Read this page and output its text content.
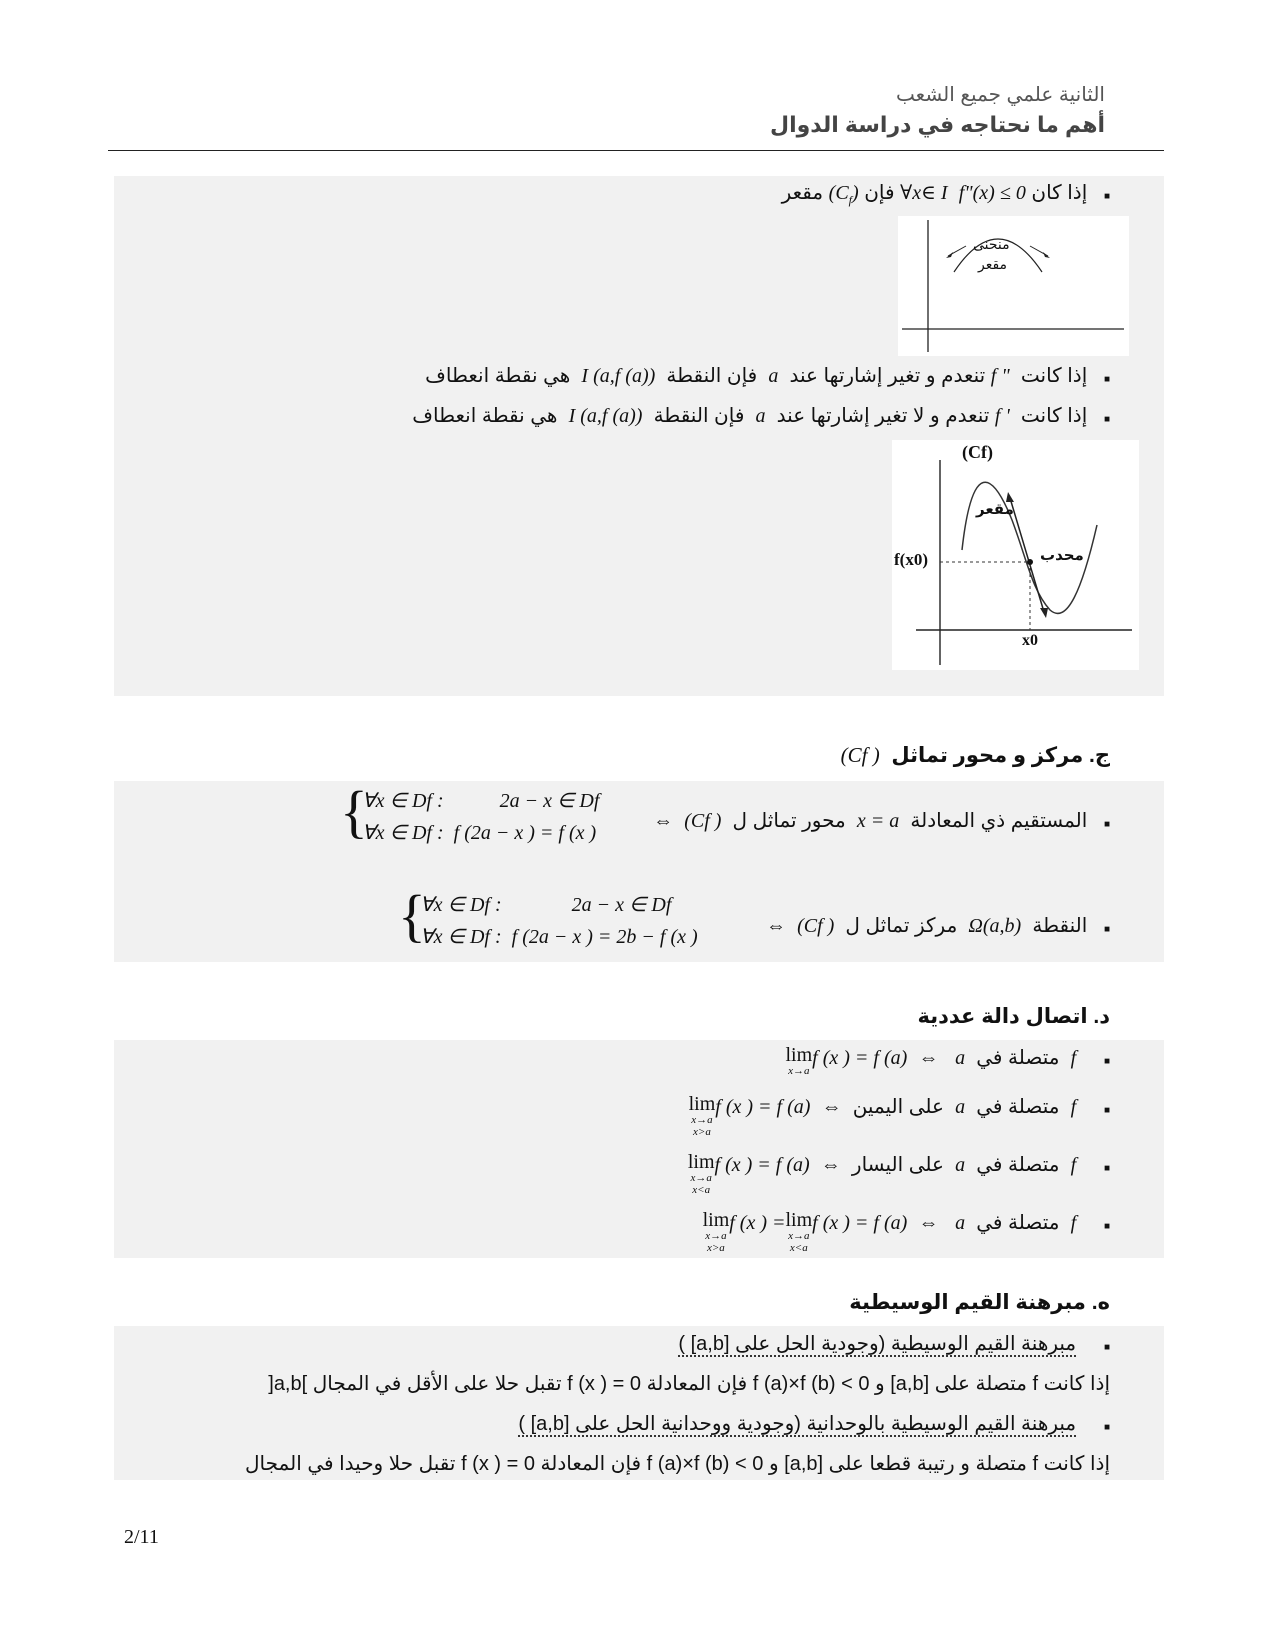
الثانية علمي جميع الشعب
أهم ما نحتاجه في دراسة الدوال
■   إذا كان f"(x) ≤ 0  ∀x∈ I فإن $(C_f)$ مقعر
منحنى
مقعر
■   إذا كانت  f " تنعدم و تغير إشارتها عند  a  فإن النقطة  I (a,f (a))  هي نقطة انعطاف
■   إذا كانت  f ' تنعدم و لا تغير إشارتها عند  a  فإن النقطة  I (a,f (a))  هي نقطة انعطاف
(Cf)
مقعر
محدب
f(x0)
x0
ج. مركز و محور تماثل  (Cf )
■   المستقيم ذي المعادلة  x = a  محور تماثل ل  (Cf )  ⇔
{
∀x ∈ Df :	2a − x ∈ Df
∀x ∈ Df : f (2a − x ) = f (x )
■   النقطة  Ω(a,b)  مركز تماثل ل  (Cf )  ⇔
{
∀x ∈ Df :	2a − x ∈ Df
∀x ∈ Df : f (2a − x ) = 2b − f (x )
د. اتصال دالة عددية
■     f  متصلة في  a   ⇔  lim
x→a
f (x ) = f (a)
■     f  متصلة في  a  على اليمين  ⇔  lim
x→a
x>a
f (x ) = f (a)
■     f  متصلة في  a  على اليسار  ⇔  lim
x→a
x<a
f (x ) = f (a)
■     f  متصلة في  a   ⇔  lim
x→a
x>a
f (x ) =lim
x→a
x<a
f (x ) = f (a)
ه. مبرهنة القيم الوسيطية
■     مبرهنة القيم الوسيطية (وجودية الحل على [a,b] )
إذا كانت f متصلة على [a,b] و f (a)×f (b) < 0 فإن المعادلة f (x ) = 0 تقبل حلا على الأقل في المجال ]a,b[
■     مبرهنة القيم الوسيطية بالوحدانية (وجودية ووحدانية الحل على [a,b] )
إذا كانت f متصلة و رتيبة قطعا على [a,b] و f (a)×f (b) < 0 فإن المعادلة f (x ) = 0 تقبل حلا وحيدا في المجال
2/11
